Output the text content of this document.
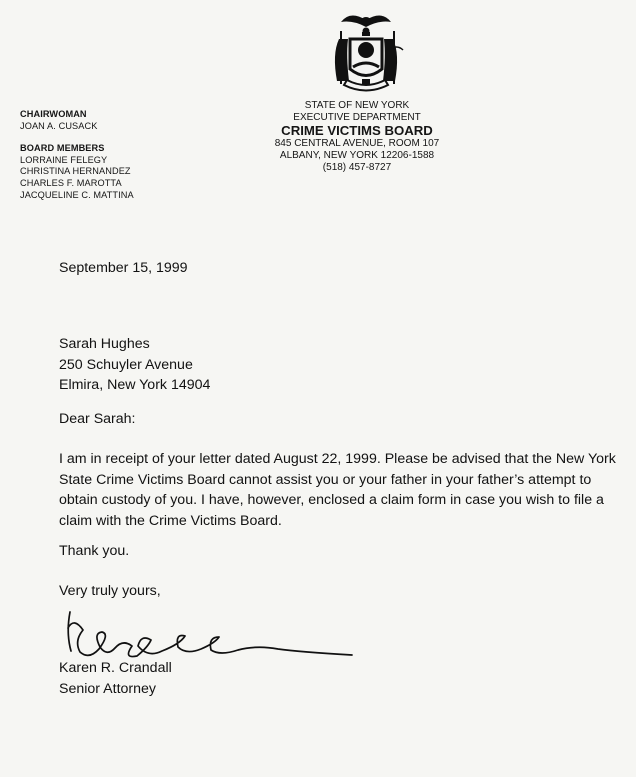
CHAIRWOMAN
JOAN A. CUSACK
BOARD MEMBERS
LORRAINE FELEGY
CHRISTINA HERNANDEZ
CHARLES F. MAROTTA
JACQUELINE C. MATTINA
STATE OF NEW YORK
EXECUTIVE DEPARTMENT
CRIME VICTIMS BOARD
845 CENTRAL AVENUE, ROOM 107
ALBANY, NEW YORK 12206-1588
(518) 457-8727
September 15, 1999
Sarah Hughes
250 Schuyler Avenue
Elmira, New York 14904
Dear Sarah:
I am in receipt of your letter dated August 22, 1999. Please be advised that the New York State Crime Victims Board cannot assist you or your father in your father’s attempt to obtain custody of you. I have, however, enclosed a claim form in case you wish to file a claim with the Crime Victims Board.
Thank you.
Very truly yours,
Karen R. Crandall
Senior Attorney
